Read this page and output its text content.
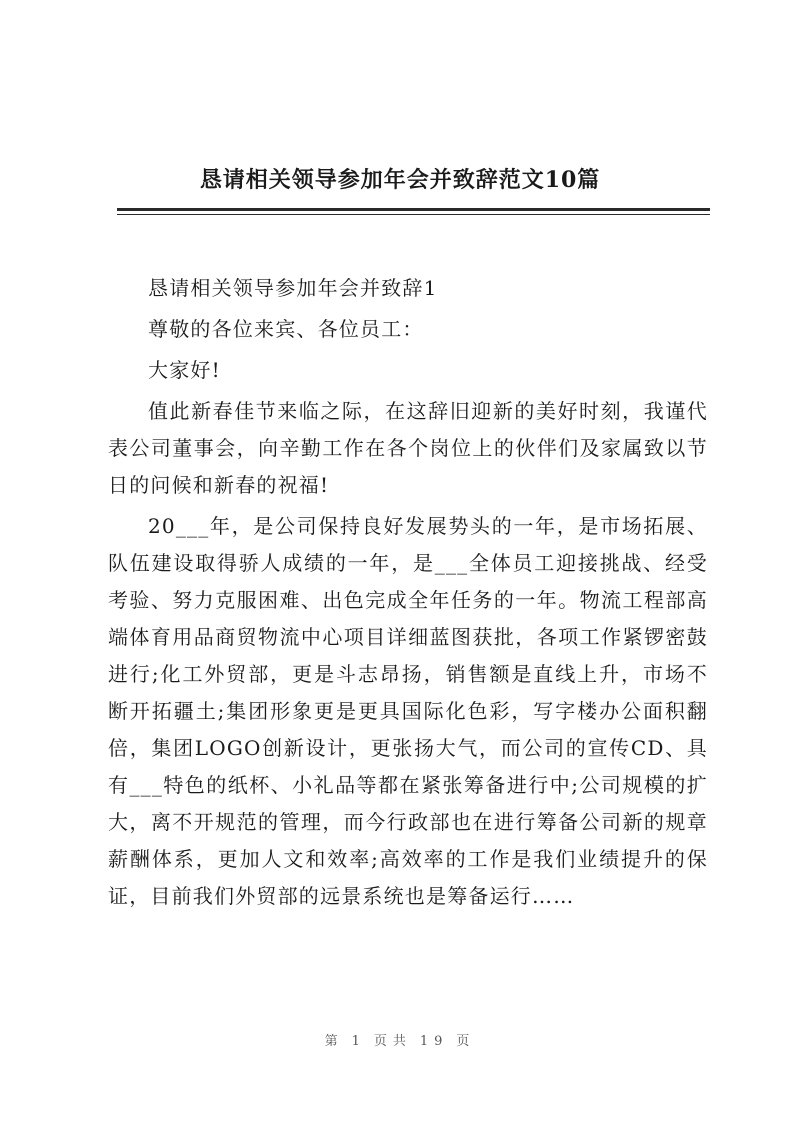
恳请相关领导参加年会并致辞范文10篇

恳请相关领导参加年会并致辞1

尊敬的各位来宾、各位员工：

大家好!

值此新春佳节来临之际，在这辞旧迎新的美好时刻，我谨代表公司董事会，向辛勤工作在各个岗位上的伙伴们及家属致以节日的问候和新春的祝福!

20___年，是公司保持良好发展势头的一年，是市场拓展、队伍建设取得骄人成绩的一年，是___全体员工迎接挑战、经受考验、努力克服困难、出色完成全年任务的一年。物流工程部高端体育用品商贸物流中心项目详细蓝图获批，各项工作紧锣密鼓进行;化工外贸部，更是斗志昂扬，销售额是直线上升，市场不断开拓疆土;集团形象更是更具国际化色彩，写字楼办公面积翻倍，集团LOGO创新设计，更张扬大气，而公司的宣传CD、具有___特色的纸杯、小礼品等都在紧张筹备进行中;公司规模的扩大，离不开规范的管理，而今行政部也在进行筹备公司新的规章薪酬体系，更加人文和效率;高效率的工作是我们业绩提升的保证，目前我们外贸部的远景系统也是筹备运行……

第 1 页共 19 页
